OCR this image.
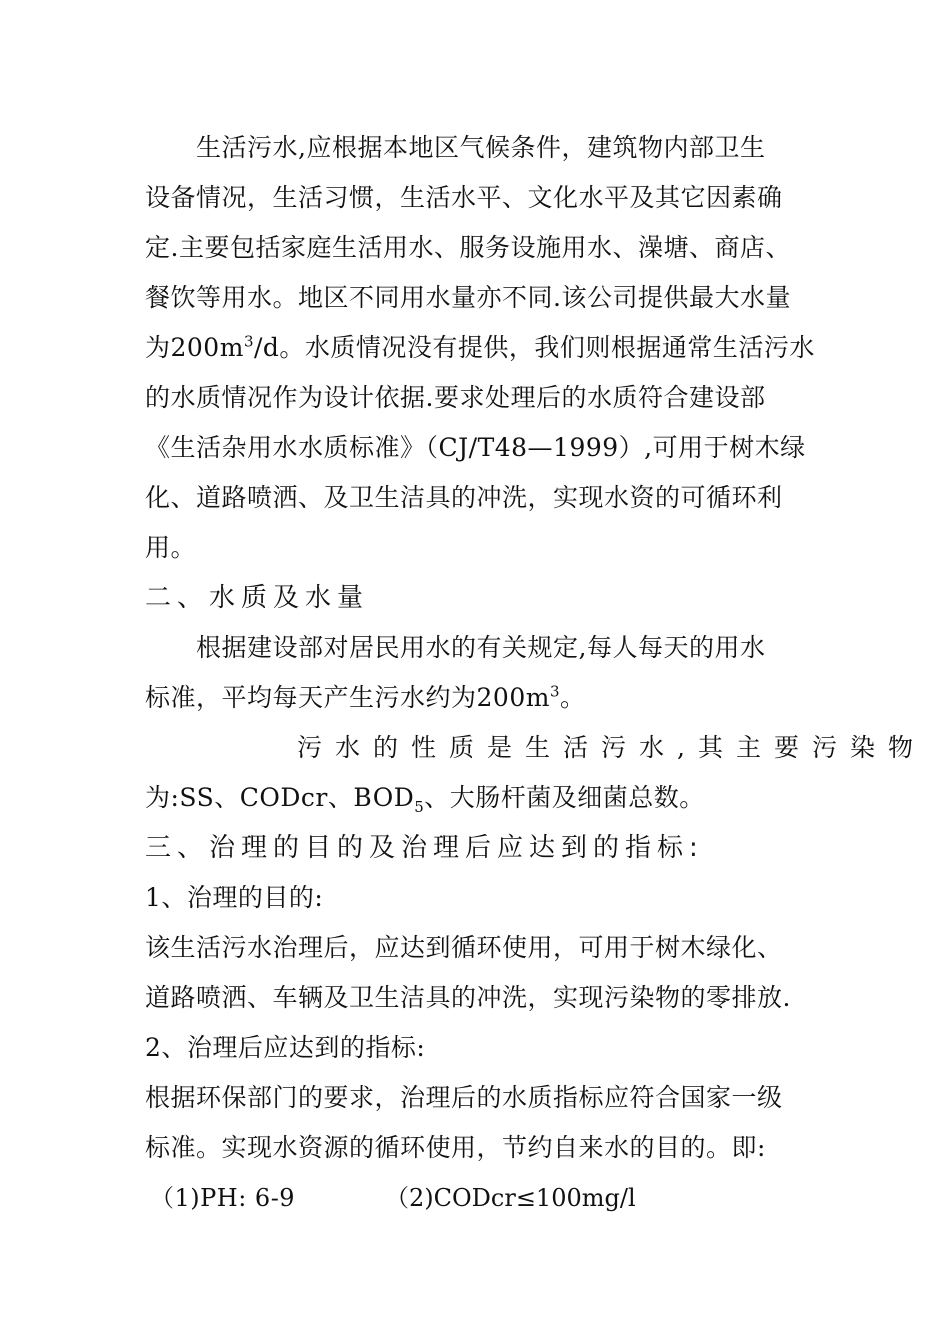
　　生活污水,应根据本地区气候条件，建筑物内部卫生
设备情况，生活习惯，生活水平、文化水平及其它因素确
定.主要包括家庭生活用水、服务设施用水、澡塘、商店、
餐饮等用水。地区不同用水量亦不同.该公司提供最大水量
为$200m^3/d$。水质情况没有提供，我们则根据通常生活污水
的水质情况作为设计依据.要求处理后的水质符合建设部
《生活杂用水水质标准》（CJ/T48—1999）,可用于树木绿
化、道路喷洒、及卫生洁具的冲洗，实现水资的可循环利
用。
二、水质及水量
　　根据建设部对居民用水的有关规定,每人每天的用水
标准，平均每天产生污水约为$200m^3$。
　　　　污水的性质是生活污水,其主要污染物
为:SS、CODcr、$BOD_5$、大肠杆菌及细菌总数。
三、治理的目的及治理后应达到的指标:
1、治理的目的:
该生活污水治理后，应达到循环使用，可用于树木绿化、
道路喷洒、车辆及卫生洁具的冲洗，实现污染物的零排放.
2、治理后应达到的指标:
根据环保部门的要求，治理后的水质指标应符合国家一级
标准。实现水资源的循环使用，节约自来水的目的。即:
（1)PH: 6-9	（2)CODcr≤100mg/l
